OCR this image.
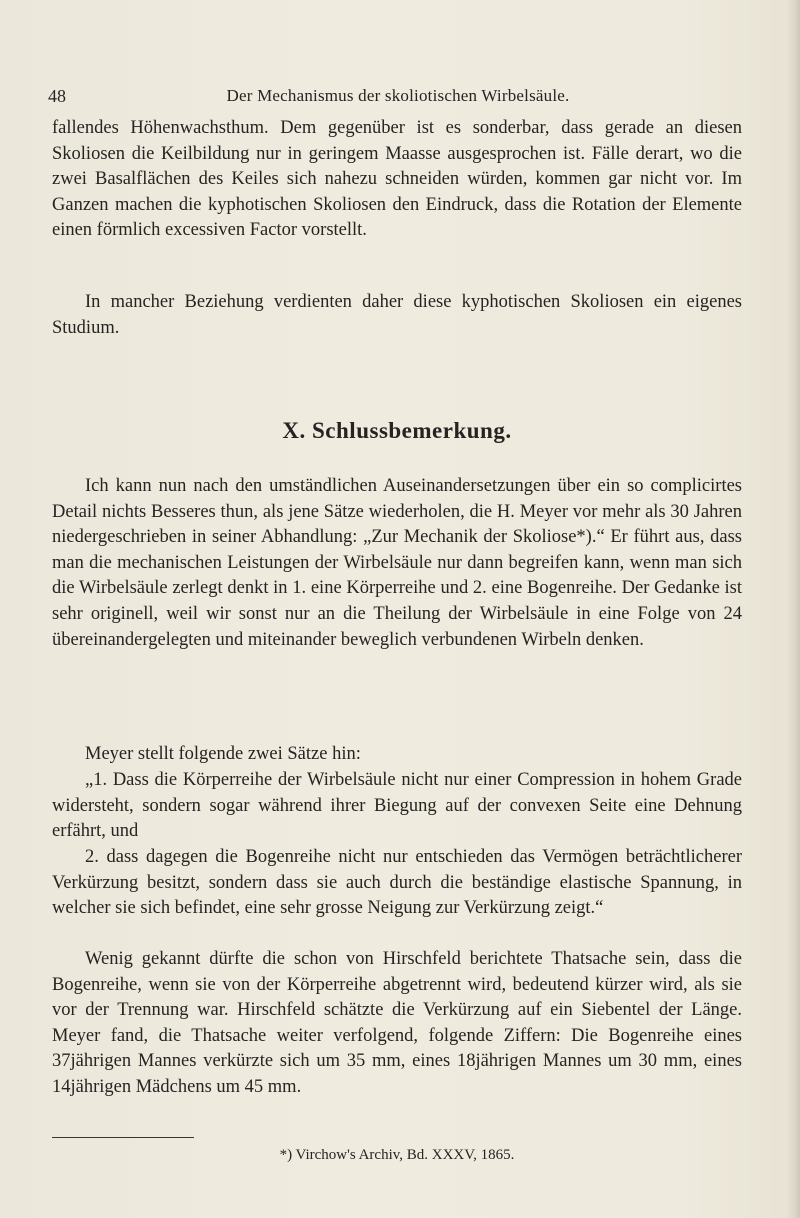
48	Der Mechanismus der skoliotischen Wirbelsäule.
fallendes Höhenwachsthum. Dem gegenüber ist es sonderbar, dass gerade an diesen Skoliosen die Keilbildung nur in geringem Maasse ausgesprochen ist. Fälle derart, wo die zwei Basalflächen des Keiles sich nahezu schneiden würden, kommen gar nicht vor. Im Ganzen machen die kyphotischen Skoliosen den Eindruck, dass die Rotation der Elemente einen förmlich excessiven Factor vorstellt.
In mancher Beziehung verdienten daher diese kyphotischen Skoliosen ein eigenes Studium.
X. Schlussbemerkung.
Ich kann nun nach den umständlichen Auseinandersetzungen über ein so complicirtes Detail nichts Besseres thun, als jene Sätze wiederholen, die H. Meyer vor mehr als 30 Jahren niedergeschrieben in seiner Abhandlung: „Zur Mechanik der Skoliose*).“ Er führt aus, dass man die mechanischen Leistungen der Wirbelsäule nur dann begreifen kann, wenn man sich die Wirbelsäule zerlegt denkt in 1. eine Körperreihe und 2. eine Bogenreihe. Der Gedanke ist sehr originell, weil wir sonst nur an die Theilung der Wirbelsäule in eine Folge von 24 übereinandergelegten und miteinander beweglich verbundenen Wirbeln denken.
Meyer stellt folgende zwei Sätze hin:
„1. Dass die Körperreihe der Wirbelsäule nicht nur einer Compression in hohem Grade widersteht, sondern sogar während ihrer Biegung auf der convexen Seite eine Dehnung erfährt, und
2. dass dagegen die Bogenreihe nicht nur entschieden das Vermögen beträchtlicherer Verkürzung besitzt, sondern dass sie auch durch die beständige elastische Spannung, in welcher sie sich befindet, eine sehr grosse Neigung zur Verkürzung zeigt.“
Wenig gekannt dürfte die schon von Hirschfeld berichtete Thatsache sein, dass die Bogenreihe, wenn sie von der Körperreihe abgetrennt wird, bedeutend kürzer wird, als sie vor der Trennung war. Hirschfeld schätzte die Verkürzung auf ein Siebentel der Länge. Meyer fand, die Thatsache weiter verfolgend, folgende Ziffern: Die Bogenreihe eines 37jährigen Mannes verkürzte sich um 35 mm, eines 18jährigen Mannes um 30 mm, eines 14jährigen Mädchens um 45 mm.
*) Virchow's Archiv, Bd. XXXV, 1865.
